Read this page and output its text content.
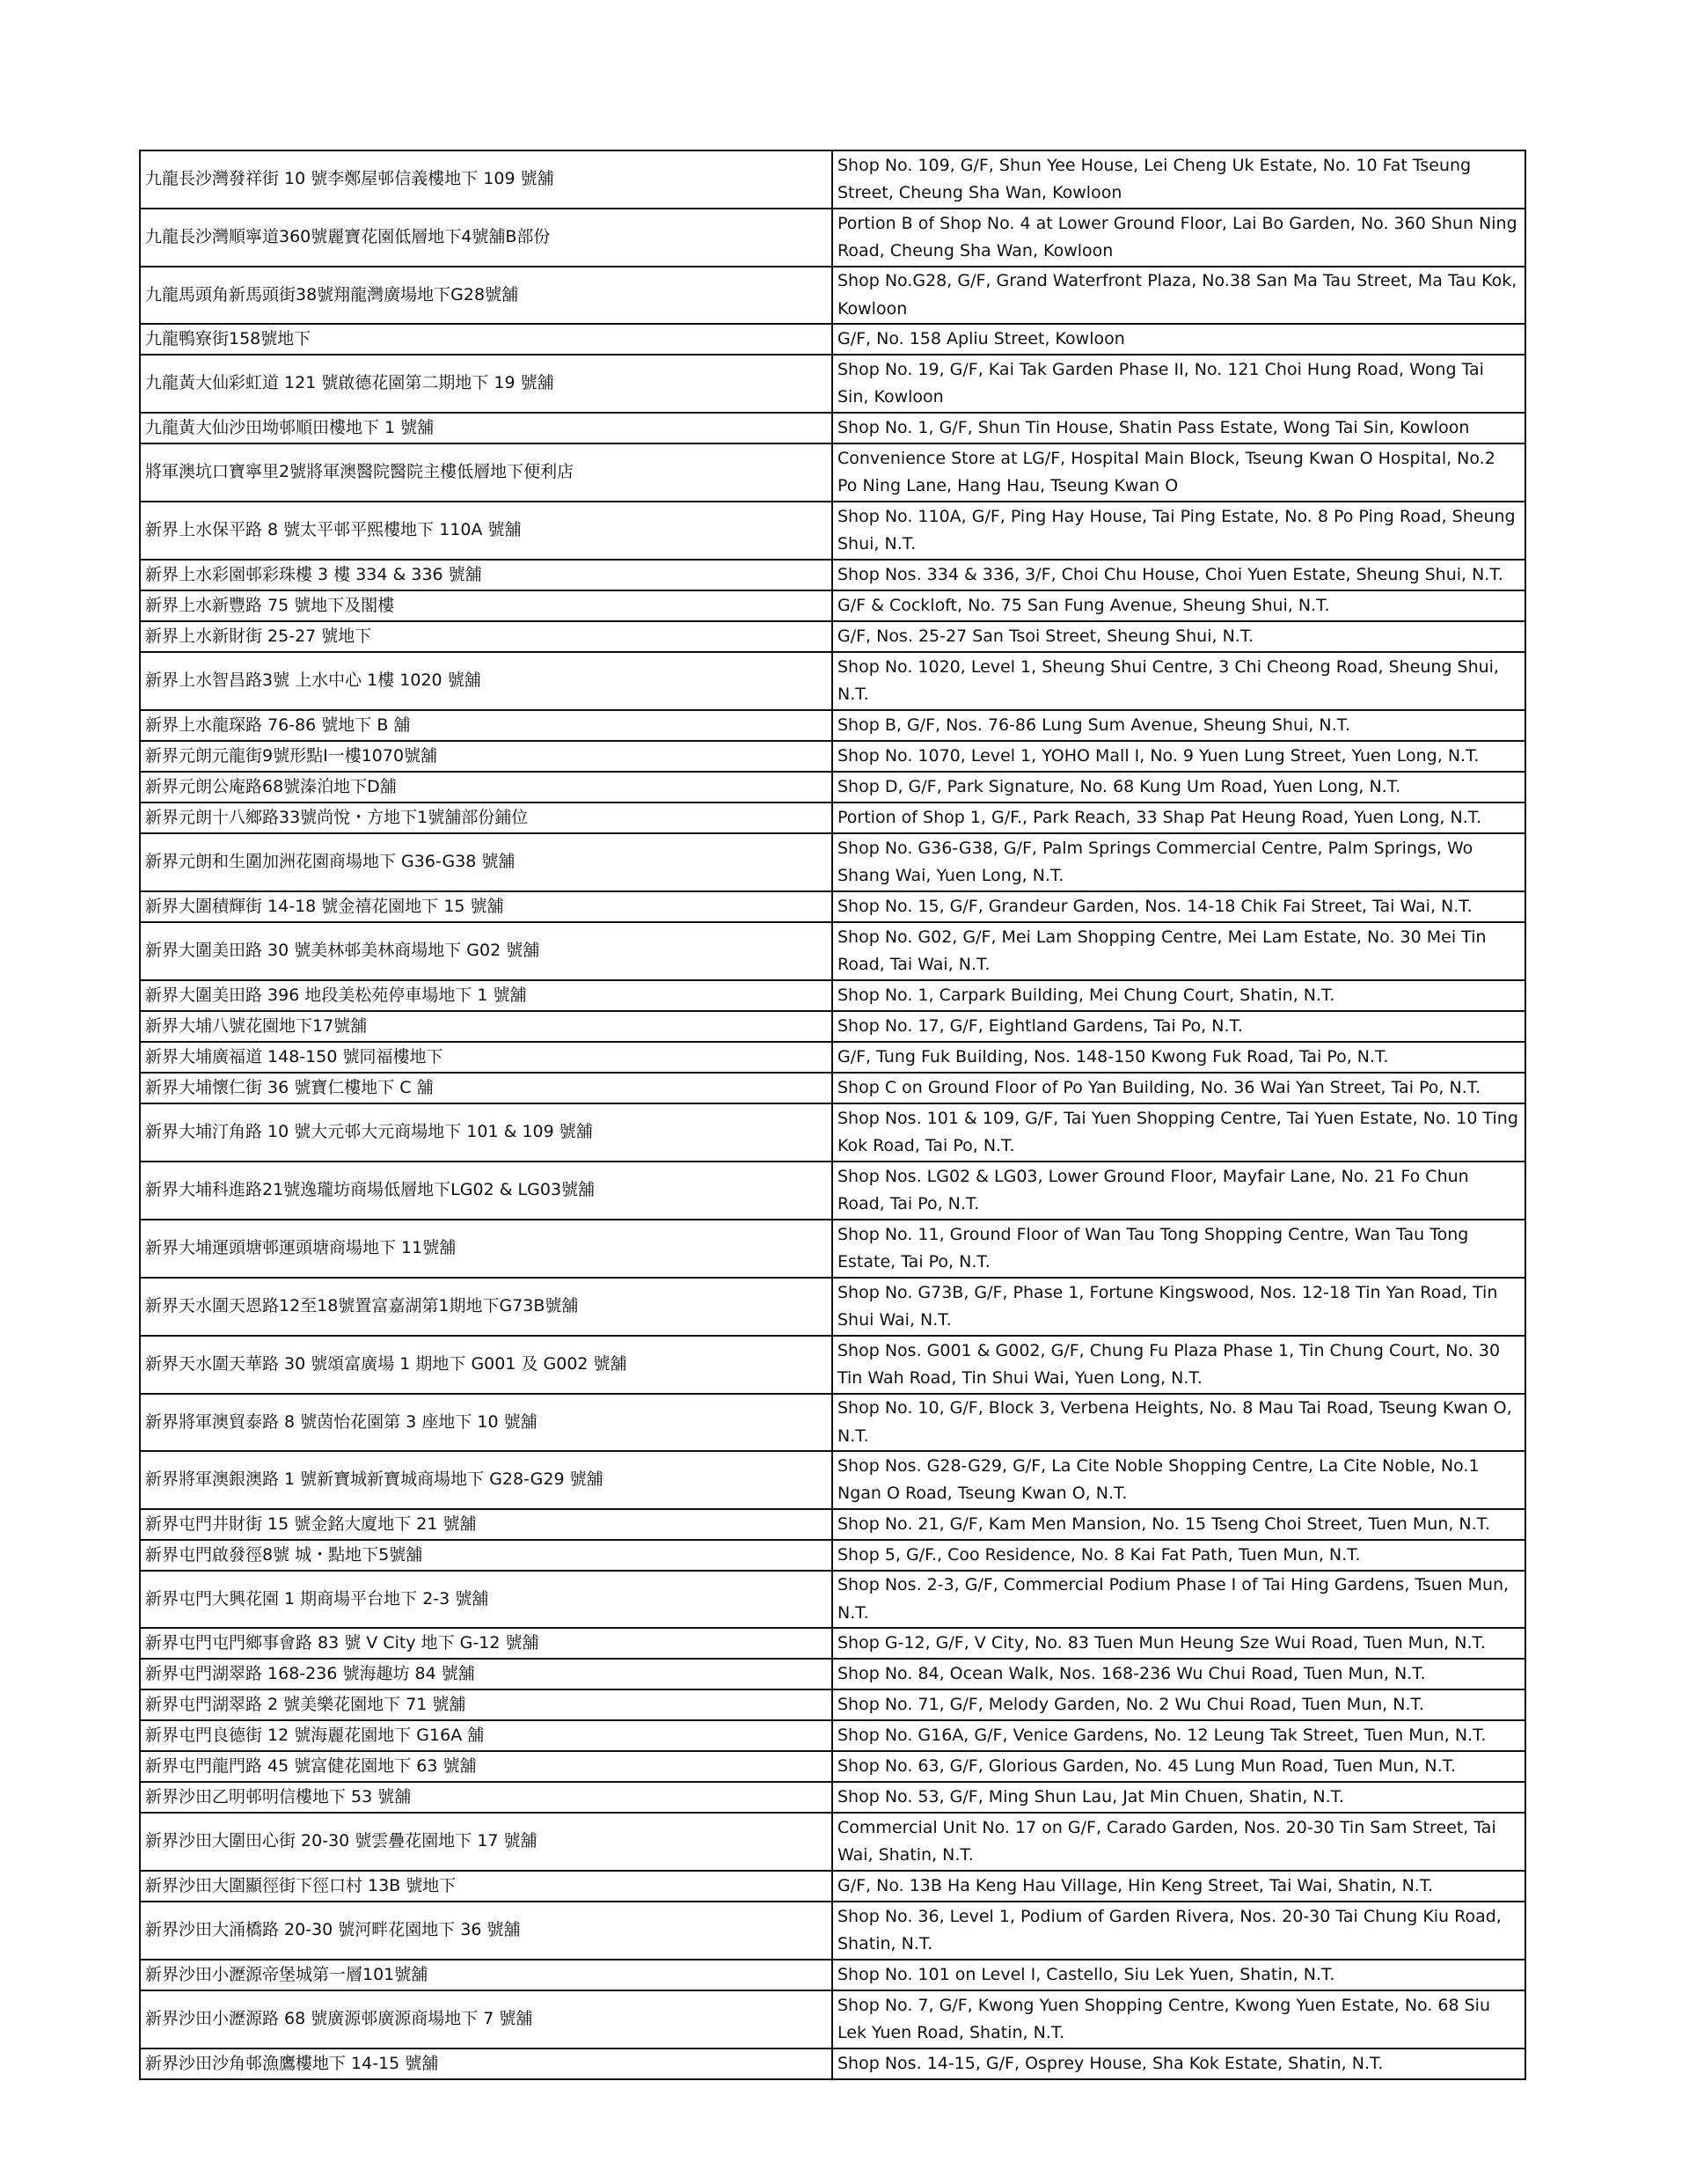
九龍長沙灣發祥街 10 號李鄭屋邨信義樓地下 109 號舖	Shop No. 109, G/F, Shun Yee House, Lei Cheng Uk Estate, No. 10 Fat Tseung Street, Cheung Sha Wan, Kowloon
九龍長沙灣順寧道360號麗寶花園低層地下4號舖B部份	Portion B of Shop No. 4 at Lower Ground Floor, Lai Bo Garden, No. 360 Shun Ning Road, Cheung Sha Wan, Kowloon
九龍馬頭角新馬頭街38號翔龍灣廣場地下G28號舖	Shop No.G28, G/F, Grand Waterfront Plaza, No.38 San Ma Tau Street, Ma Tau Kok, Kowloon
九龍鴨寮街158號地下	G/F, No. 158 Apliu Street, Kowloon
九龍黃大仙彩虹道 121 號啟德花園第二期地下 19 號舖	Shop No. 19, G/F, Kai Tak Garden Phase II, No. 121 Choi Hung Road, Wong Tai Sin, Kowloon
九龍黃大仙沙田坳邨順田樓地下 1 號舖	Shop No. 1, G/F, Shun Tin House, Shatin Pass Estate, Wong Tai Sin, Kowloon
將軍澳坑口寶寧里2號將軍澳醫院醫院主樓低層地下便利店	Convenience Store at LG/F, Hospital Main Block, Tseung Kwan O Hospital, No.2 Po Ning Lane, Hang Hau, Tseung Kwan O
新界上水保平路 8 號太平邨平熙樓地下 110A 號舖	Shop No. 110A, G/F, Ping Hay House, Tai Ping Estate, No. 8 Po Ping Road, Sheung Shui, N.T.
新界上水彩園邨彩珠樓 3 樓 334 & 336 號舖	Shop Nos. 334 & 336, 3/F, Choi Chu House, Choi Yuen Estate, Sheung Shui, N.T.
新界上水新豐路 75 號地下及閣樓	G/F & Cockloft, No. 75 San Fung Avenue, Sheung Shui, N.T.
新界上水新財街 25-27 號地下	G/F, Nos. 25-27 San Tsoi Street, Sheung Shui, N.T.
新界上水智昌路3號 上水中心 1樓 1020 號舖	Shop No. 1020, Level 1, Sheung Shui Centre, 3 Chi Cheong Road, Sheung Shui, N.T.
新界上水龍琛路 76-86 號地下 B 舖	Shop B, G/F, Nos. 76-86 Lung Sum Avenue, Sheung Shui, N.T.
新界元朗元龍街9號形點I一樓1070號舖	Shop No. 1070, Level 1, YOHO Mall I, No. 9 Yuen Lung Street, Yuen Long, N.T.
新界元朗公庵路68號溱泊地下D舖	Shop D, G/F, Park Signature, No. 68 Kung Um Road, Yuen Long, N.T.
新界元朗十八鄉路33號尚悅・方地下1號舖部份鋪位	Portion of Shop 1, G/F., Park Reach, 33 Shap Pat Heung Road, Yuen Long, N.T.
新界元朗和生圍加洲花園商場地下 G36-G38 號舖	Shop No. G36-G38, G/F, Palm Springs Commercial Centre, Palm Springs, Wo Shang Wai, Yuen Long, N.T.
新界大圍積輝街 14-18 號金禧花園地下 15 號舖	Shop No. 15, G/F, Grandeur Garden, Nos. 14-18 Chik Fai Street, Tai Wai, N.T.
新界大圍美田路 30 號美林邨美林商場地下 G02 號舖	Shop No. G02, G/F, Mei Lam Shopping Centre, Mei Lam Estate, No. 30 Mei Tin Road, Tai Wai, N.T.
新界大圍美田路 396 地段美松苑停車場地下 1 號舖	Shop No. 1, Carpark Building, Mei Chung Court, Shatin, N.T.
新界大埔八號花園地下17號舖	Shop No. 17, G/F, Eightland Gardens, Tai Po, N.T.
新界大埔廣福道 148-150 號同福樓地下	G/F, Tung Fuk Building, Nos. 148-150 Kwong Fuk Road, Tai Po, N.T.
新界大埔懷仁街 36 號寶仁樓地下 C 舖	Shop C on Ground Floor of Po Yan Building, No. 36 Wai Yan Street, Tai Po, N.T.
新界大埔汀角路 10 號大元邨大元商場地下 101 & 109 號舖	Shop Nos. 101 & 109, G/F, Tai Yuen Shopping Centre, Tai Yuen Estate, No. 10 Ting Kok Road, Tai Po, N.T.
新界大埔科進路21號逸瓏坊商場低層地下LG02 & LG03號舖	Shop Nos. LG02 & LG03, Lower Ground Floor, Mayfair Lane, No. 21 Fo Chun Road, Tai Po, N.T.
新界大埔運頭塘邨運頭塘商場地下 11號舖	Shop No. 11, Ground Floor of Wan Tau Tong Shopping Centre, Wan Tau Tong Estate, Tai Po, N.T.
新界天水圍天恩路12至18號置富嘉湖第1期地下G73B號舖	Shop No. G73B, G/F, Phase 1, Fortune Kingswood, Nos. 12-18 Tin Yan Road, Tin Shui Wai, N.T.
新界天水圍天華路 30 號頌富廣場 1 期地下 G001 及 G002 號舖	Shop Nos. G001 & G002, G/F, Chung Fu Plaza Phase 1, Tin Chung Court, No. 30 Tin Wah Road, Tin Shui Wai, Yuen Long, N.T.
新界將軍澳貿泰路 8 號茵怡花園第 3 座地下 10 號舖	Shop No. 10, G/F, Block 3, Verbena Heights, No. 8 Mau Tai Road, Tseung Kwan O, N.T.
新界將軍澳銀澳路 1 號新寶城新寶城商場地下 G28-G29 號舖	Shop Nos. G28-G29, G/F, La Cite Noble Shopping Centre, La Cite Noble, No.1 Ngan O Road, Tseung Kwan O, N.T.
新界屯門井財街 15 號金銘大廈地下 21 號舖	Shop No. 21, G/F, Kam Men Mansion, No. 15 Tseng Choi Street, Tuen Mun, N.T.
新界屯門啟發徑8號 城・點地下5號舖	Shop 5, G/F., Coo Residence, No. 8 Kai Fat Path, Tuen Mun, N.T.
新界屯門大興花園 1 期商場平台地下 2-3 號舖	Shop Nos. 2-3, G/F, Commercial Podium Phase I of Tai Hing Gardens, Tsuen Mun, N.T.
新界屯門屯門鄉事會路 83 號 V City 地下 G-12 號舖	Shop G-12, G/F, V City, No. 83 Tuen Mun Heung Sze Wui Road, Tuen Mun, N.T.
新界屯門湖翠路 168-236 號海趣坊 84 號舖	Shop No. 84, Ocean Walk, Nos. 168-236 Wu Chui Road, Tuen Mun, N.T.
新界屯門湖翠路 2 號美樂花園地下 71 號舖	Shop No. 71, G/F, Melody Garden, No. 2 Wu Chui Road, Tuen Mun, N.T.
新界屯門良德街 12 號海麗花園地下 G16A 舖	Shop No. G16A, G/F, Venice Gardens, No. 12 Leung Tak Street, Tuen Mun, N.T.
新界屯門龍門路 45 號富健花園地下 63 號舖	Shop No. 63, G/F, Glorious Garden, No. 45 Lung Mun Road, Tuen Mun, N.T.
新界沙田乙明邨明信樓地下 53 號舖	Shop No. 53, G/F, Ming Shun Lau, Jat Min Chuen, Shatin, N.T.
新界沙田大圍田心街 20-30 號雲疊花園地下 17 號舖	Commercial Unit No. 17 on G/F, Carado Garden, Nos. 20-30 Tin Sam Street, Tai Wai, Shatin, N.T.
新界沙田大圍顯徑街下徑口村 13B 號地下	G/F, No. 13B Ha Keng Hau Village, Hin Keng Street, Tai Wai, Shatin, N.T.
新界沙田大涌橋路 20-30 號河畔花園地下 36 號舖	Shop No. 36, Level 1, Podium of Garden Rivera, Nos. 20-30 Tai Chung Kiu Road, Shatin, N.T.
新界沙田小瀝源帝堡城第一層101號舖	Shop No. 101 on Level I, Castello, Siu Lek Yuen, Shatin, N.T.
新界沙田小瀝源路 68 號廣源邨廣源商場地下 7 號舖	Shop No. 7, G/F, Kwong Yuen Shopping Centre, Kwong Yuen Estate, No. 68 Siu Lek Yuen Road, Shatin, N.T.
新界沙田沙角邨漁鷹樓地下 14-15 號舖	Shop Nos. 14-15, G/F, Osprey House, Sha Kok Estate, Shatin, N.T.
